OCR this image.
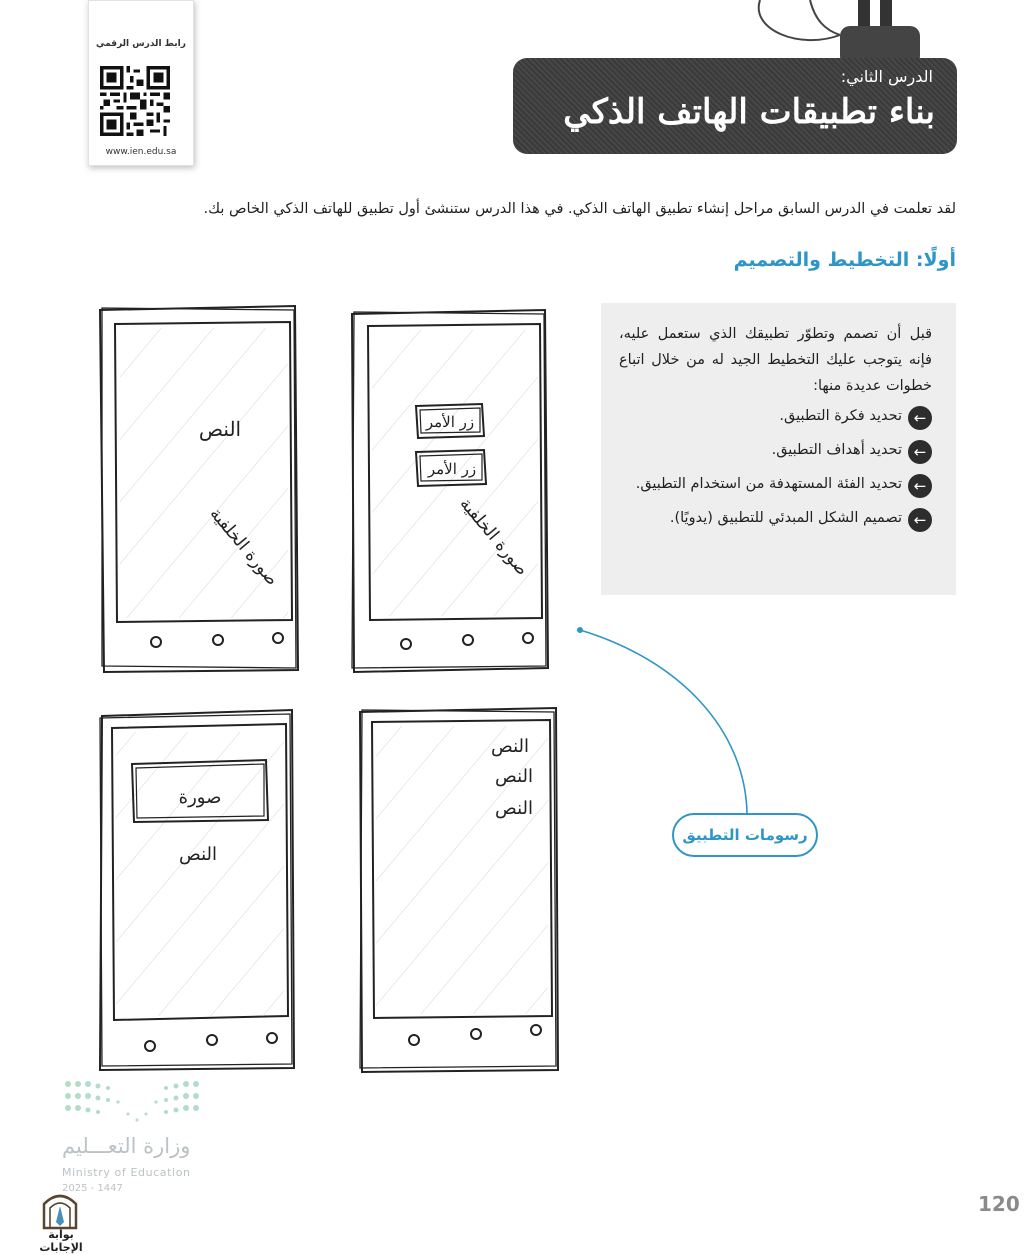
رابط الدرس الرقمي
www.ien.edu.sa
الدرس الثاني:
بناء تطبيقات الهاتف الذكي
لقد تعلمت في الدرس السابق مراحل إنشاء تطبيق الهاتف الذكي. في هذا الدرس ستنشئ أول تطبيق للهاتف الذكي الخاص بك.
أولًا: التخطيط والتصميم

قبل أن تصمم وتطوّر تطبيقك الذي ستعمل عليه، فإنه يتوجب عليك التخطيط الجيد له من خلال اتباع خطوات عديدة منها:

←
تحديد فكرة التطبيق.
←
تحديد أهداف التطبيق.
←
تحديد الفئة المستهدفة من استخدام التطبيق.
←
تصميم الشكل المبدئي للتطبيق (يدويًا).
النص
صورة الخلفية
زر الأمر
زر الأمر
صورة الخلفية
صورة
النص
النص
النص
النص
رسومات التطبيق
وزارة التعـــليم
Ministry of Education
2025 - 1447
بوابة الإجابات
120
